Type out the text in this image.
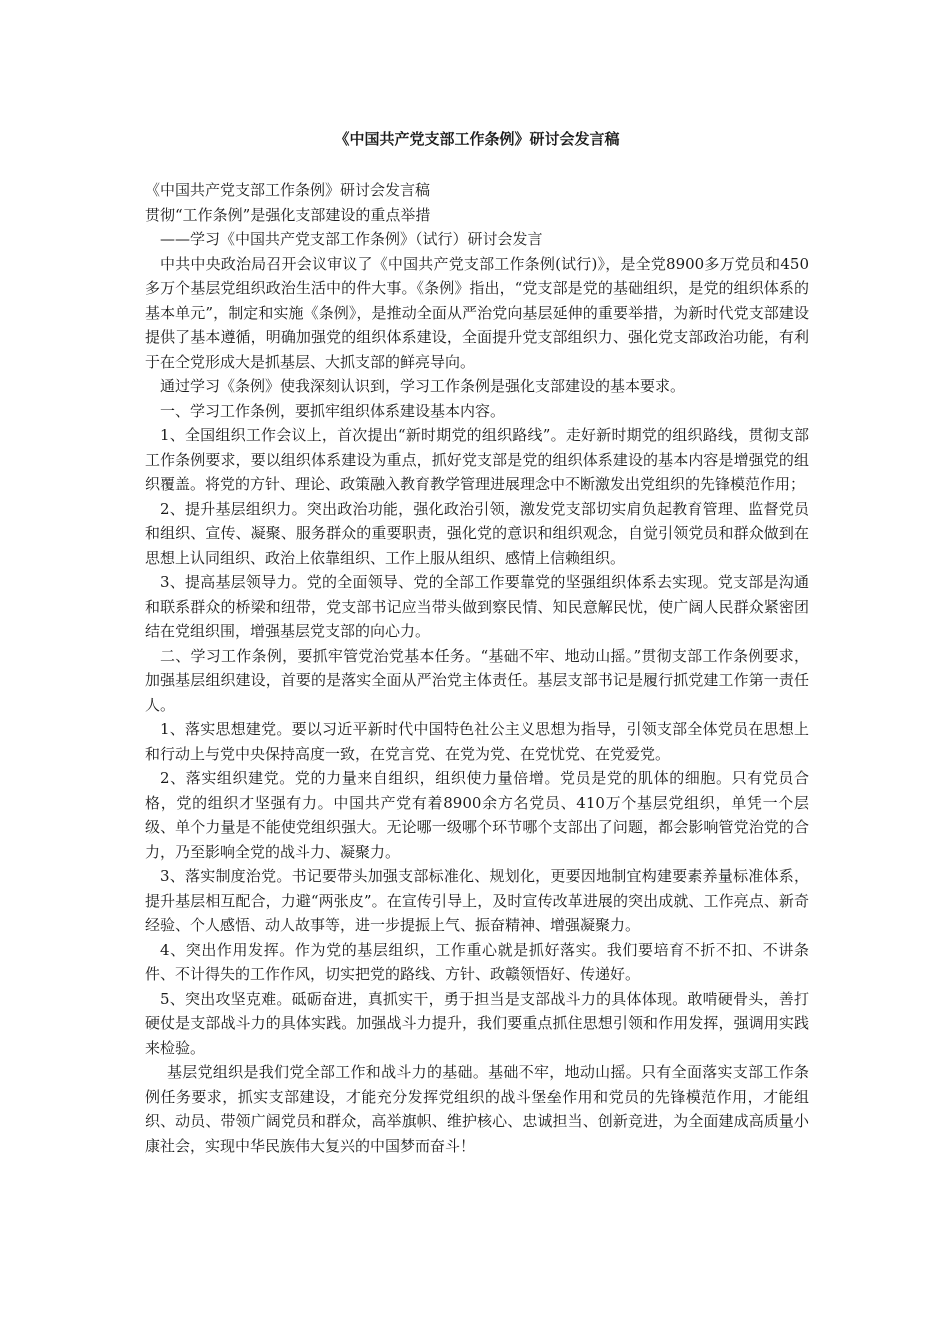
《中国共产党支部工作条例》研讨会发言稿

《中国共产党支部工作条例》研讨会发言稿

贯彻“工作条例”是强化支部建设的重点举措

——学习《中国共产党支部工作条例》（试行）研讨会发言

中共中央政治局召开会议审议了《中国共产党支部工作条例(试行)》，是全党8900多万党员和450多万个基层党组织政治生活中的件大事。《条例》指出，“党支部是党的基础组织，是党的组织体系的基本单元”，制定和实施《条例》，是推动全面从严治党向基层延伸的重要举措，为新时代党支部建设提供了基本遵循，明确加强党的组织体系建设，全面提升党支部组织力、强化党支部政治功能，有利于在仝党形成大是抓基层、大抓支部的鲜亮导向。

通过学习《条例》使我深刻认识到，学习工作条例是强化支部建设的基本要求。

一、学习工作条例，要抓牢组织体系建设基本内容。

1、全国组织工作会议上，首次提出“新时期党的组织路线”。走好新时期党的组织路线，贯彻支部工作条例要求，要以组织体系建设为重点，抓好党支部是党的组织体系建设的基本内容是增强党的组织覆盖。将党的方针、理论、政策融入教育教学管理进展理念中不断激发出党组织的先锋模范作用；

2、提升基层组织力。突出政治功能，强化政治引领，激发党支部切实肩负起教育管理、监督党员和组织、宣传、凝聚、服务群众的重要职责，强化党的意识和组织观念，自觉引领党员和群众做到在思想上认同组织、政治上依靠组织、工作上服从组织、感情上信赖组织。

3、提高基层领导力。党的全面领导、党的全部工作要靠党的坚强组织体系去实现。党支部是沟通和联系群众的桥梁和纽带，党支部书记应当带头做到察民情、知民意解民忧，使广阔人民群众紧密团结在党组织围，增强基层党支部的向心力。

二、学习工作条例，要抓牢管党治党基本任务。“基础不牢、地动山摇。”贯彻支部工作条例要求，加强基层组织建设，首要的是落实全面从严治党主体责任。基层支部书记是履行抓党建工作第一责任人。

1、落实思想建党。要以习近平新时代中国特色社公主义思想为指导，引领支部全体党员在思想上和行动上与党中央保持高度一致，在党言党、在党为党、在党忧党、在党爱党。

2、落实组织建党。党的力量来自组织，组织使力量倍增。党员是党的肌体的细胞。只有党员合格，党的组织才坚强有力。中国共产党有着8900余方名党员、410万个基层党组织，单凭一个层级、单个力量是不能使党组织强大。无论哪一级哪个环节哪个支部出了问题，都会影响管党治党的合力，乃至影响全党的战斗力、凝聚力。

3、落实制度治党。书记要带头加强支部标准化、规划化，更要因地制宜构建要素养量标准体系，提升基层相互配合，力避“两张皮”。在宣传引导上，及时宣传改革进展的突出成就、工作亮点、新奇经验、个人感悟、动人故事等，进一步提振上气、振奋精神、增强凝聚力。

4、突出作用发挥。作为党的基层组织，工作重心就是抓好落实。我们要培育不折不扣、不讲条件、不计得失的工作作风，切实把党的路线、方针、政赣领悟好、传递好。

5、突出攻坚克难。砥砺奋进，真抓实干，勇于担当是支部战斗力的具体体现。敢啃硬骨头，善打硬仗是支部战斗力的具体实践。加强战斗力提升，我们要重点抓住思想引领和作用发挥，强调用实践来检验。

基层党组织是我们党全部工作和战斗力的基础。基础不牢，地动山摇。只有全面落实支部工作条例任务要求，抓实支部建设，才能充分发挥党组织的战斗堡垒作用和党员的先锋模范作用，才能组织、动员、带领广阔党员和群众，高举旗帜、维护核心、忠诚担当、创新竞进，为全面建成高质量小康社会，实现中华民族伟大复兴的中国梦而奋斗！
